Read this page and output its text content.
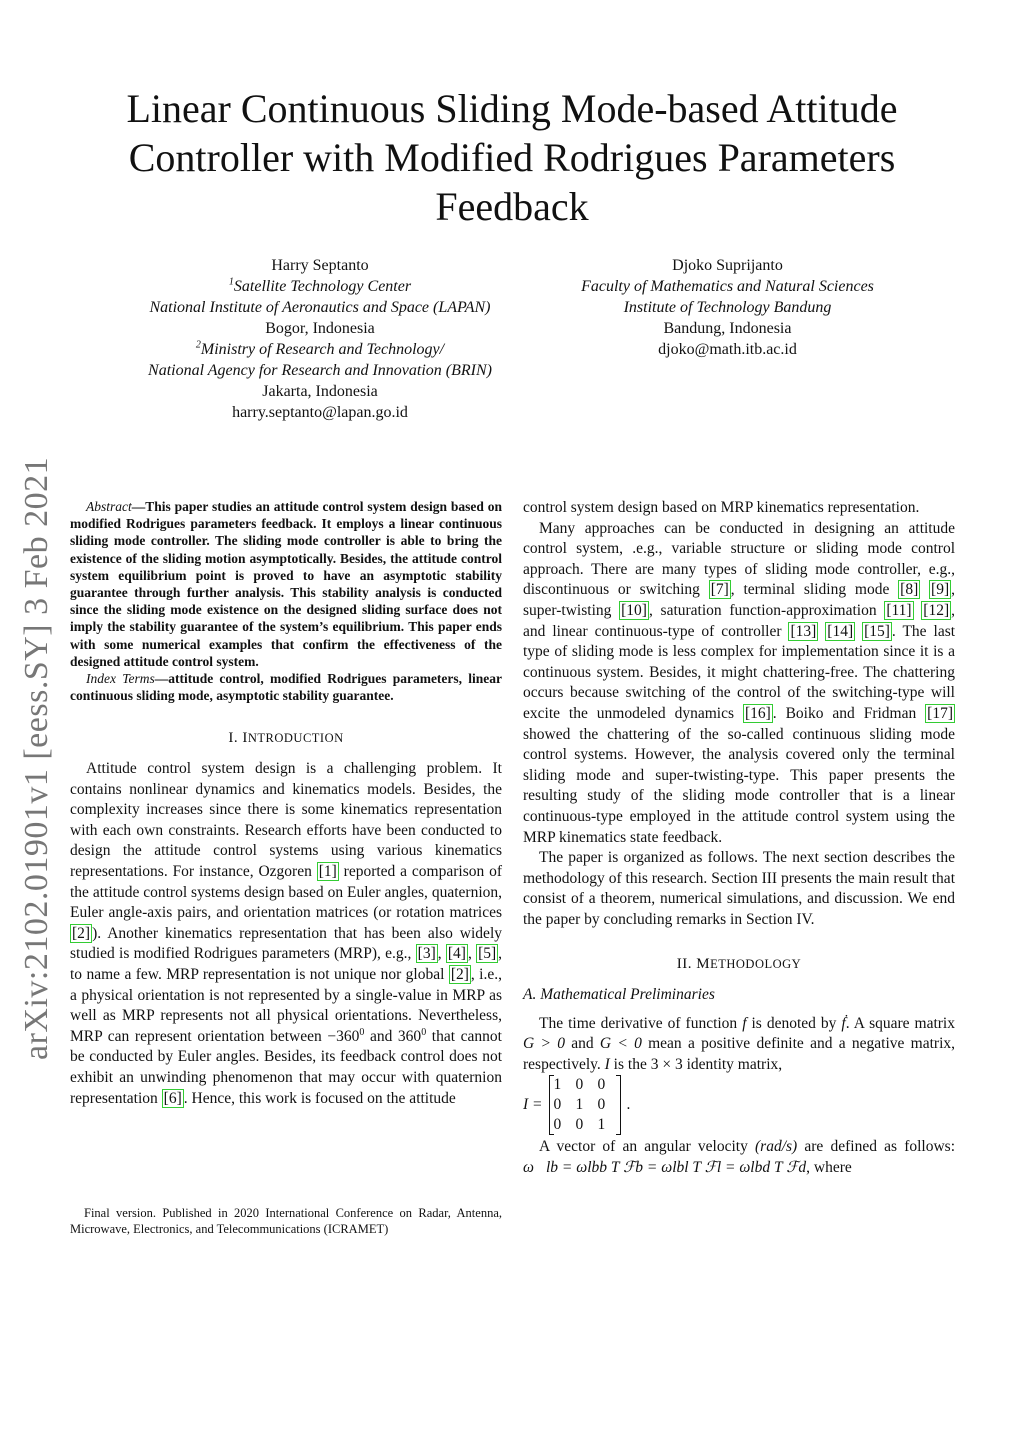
arXiv:2102.01901v1 [eess.SY] 3 Feb 2021
Linear Continuous Sliding Mode-based Attitude
Controller with Modified Rodrigues Parameters
Feedback
Harry Septanto
$^1$Satellite Technology Center
National Institute of Aeronautics and Space (LAPAN)
Bogor, Indonesia
$^2$Ministry of Research and Technology/
National Agency for Research and Innovation (BRIN)
Jakarta, Indonesia
harry.septanto@lapan.go.id
Djoko Suprijanto
Faculty of Mathematics and Natural Sciences
Institute of Technology Bandung
Bandung, Indonesia
djoko@math.itb.ac.id

Abstract—This paper studies an attitude control system design based on modified Rodrigues parameters feedback. It employs a linear continuous sliding mode controller. The sliding mode controller is able to bring the existence of the sliding motion asymptotically. Besides, the attitude control system equilibrium point is proved to have an asymptotic stability guarantee through further analysis. This stability analysis is conducted since the sliding mode existence on the designed sliding surface does not imply the stability guarantee of the system’s equilibrium. This paper ends with some numerical examples that confirm the effectiveness of the designed attitude control system.

Index Terms—attitude control, modified Rodrigues parameters, linear continuous sliding mode, asymptotic stability guarantee.

I. INTRODUCTION

Attitude control system design is a challenging problem. It contains nonlinear dynamics and kinematics models. Besides, the complexity increases since there is some kinematics representation with each own constraints. Research efforts have been conducted to design the attitude control systems using various kinematics representations. For instance, Ozgoren [1] reported a comparison of the attitude control systems design based on Euler angles, quaternion, Euler angle-axis pairs, and orientation matrices (or rotation matrices [2] ). Another kinematics representation that has been also widely studied is modified Rodrigues parameters (MRP), e.g., [3] , [4] , [5] , to name a few. MRP representation is not unique nor global [2] , i.e., a physical orientation is not represented by a single-value in MRP as well as MRP represents not all physical orientations. Nevertheless, MRP can represent orientation between $-360^0$ and $360^0$ that cannot be conducted by Euler angles. Besides, its feedback control does not exhibit an unwinding phenomenon that may occur with quaternion representation [6] . Hence, this work is focused on the attitude

Final version. Published in 2020 International Conference on Radar, Antenna, Microwave, Electronics, and Telecommunications (ICRAMET)

control system design based on MRP kinematics representation.

Many approaches can be conducted in designing an attitude control system, .e.g., variable structure or sliding mode control approach. There are many types of sliding mode controller, e.g., discontinuous or switching [7] , terminal sliding mode [8] [9] , super-twisting [10] , saturation function-approximation [11] [12] , and linear continuous-type of controller [13] [14] [15] . The last type of sliding mode is less complex for implementation since it is a continuous system. Besides, it might chattering-free. The chattering occurs because switching of the control of the switching-type will excite the unmodeled dynamics [16] . Boiko and Fridman [17] showed the chattering of the so-called continuous sliding mode control systems. However, the analysis covered only the terminal sliding mode and super-twisting-type. This paper presents the resulting study of the sliding mode controller that is a linear continuous-type employed in the attitude control system using the MRP kinematics state feedback.

The paper is organized as follows. The next section describes the methodology of this research. Section III presents the main result that consist of a theorem, numerical simulations, and discussion. We end the paper by concluding remarks in Section IV.

II. METHODOLOGY
A. Mathematical Preliminaries

The time derivative of function f is denoted by ḟ. A square matrix G > 0 and G < 0 mean a positive definite and a negative matrix, respectively. I is the 3 × 3 identity matrix,

I =
1 0 0
0 1 0
0 0 1
.

A vector of an angular velocity (rad/s) are defined as follows: ω⃗lb = ωlbb T ℱb = ωlbl T ℱl = ωlbd T ℱd, where
